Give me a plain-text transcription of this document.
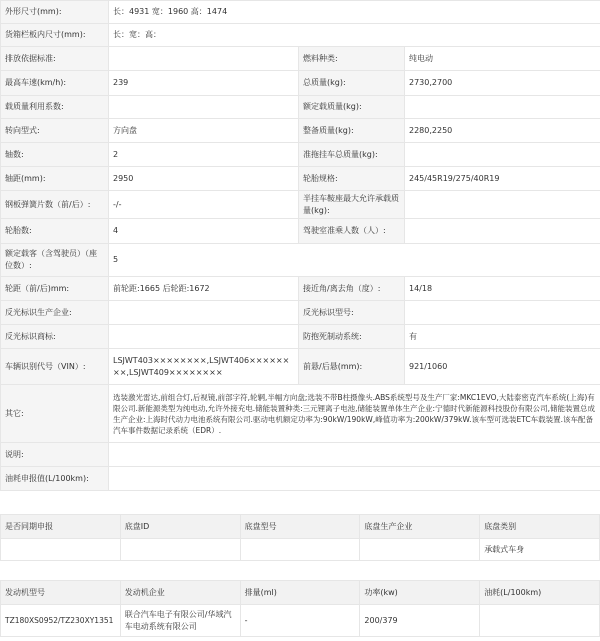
外形尺寸(mm):	长：4931 宽：1960 高：1474		
货箱栏板内尺寸(mm):	长：宽：高：		
排放依据标准:		燃料种类:	纯电动
最高车速(km/h):	239	总质量(kg):	2730,2700
载质量利用系数:		额定载质量(kg):	
转向型式:	方向盘	整备质量(kg):	2280,2250
轴数:	2	准拖挂车总质量(kg):	
轴距(mm):	2950	轮胎规格:	245/45R19/275/40R19
钢板弹簧片数（前/后）:	-/-	半挂车鞍座最大允许承载质量(kg):	
轮胎数:	4	驾驶室准乘人数（人）:	
额定载客（含驾驶员）（座位数）:	5		
轮距（前/后)mm:	前轮距:1665 后轮距:1672	接近角/离去角（度）:	14/18
反光标识生产企业:		反光标识型号:	
反光标识商标:		防抱死制动系统:	有
车辆识别代号（VIN）:	LSJWT403××××××××,LSJWT406××××××××,LSJWT409××××××××	前悬/后悬(mm):	921/1060
其它:	选装激光雷达,前组合灯,后视镜,前部字符,轮辋,半幅方向盘;选装不带B柱摄像头.ABS系统型号及生产厂家:MKC1EVO,大陆泰密克汽车系统(上海)有限公司.新能源类型为纯电动,允许外接充电.储能装置种类:三元锂离子电池,储能装置单体生产企业:宁德时代新能源科技股份有限公司,储能装置总成生产企业:上海时代动力电池系统有限公司.驱动电机额定功率为:90kW/190kW,峰值功率为:200kW/379kW.该车型可选装ETC车载装置.该车配备汽车事件数据记录系统（EDR）.		
说明:			
油耗申报值(L/100km):			
是否同期申报	底盘ID	底盘型号	底盘生产企业	底盘类别
				承载式车身
发动机型号	发动机企业	排量(ml)	功率(kw)	油耗(L/100km)
TZ180XS0952/TZ230XY1351	联合汽车电子有限公司/华域汽车电动系统有限公司	-	200/379	
